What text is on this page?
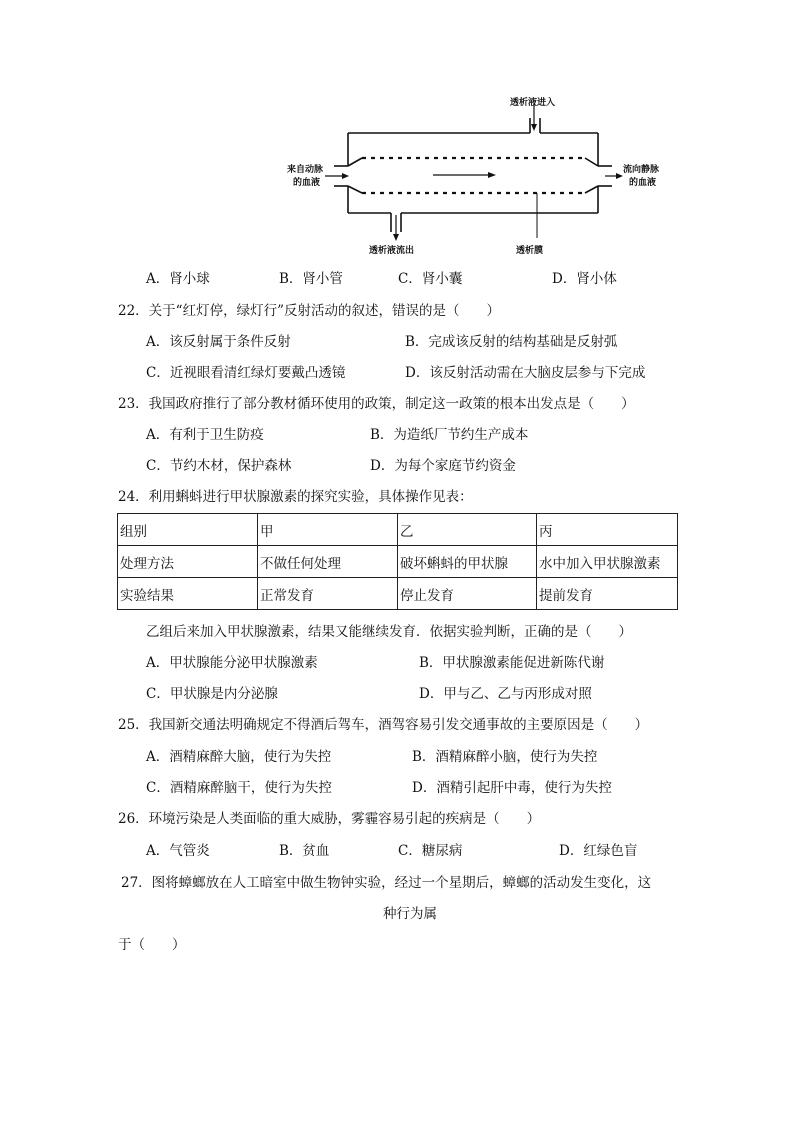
透析液进入
来自动脉
的血液
流向静脉
的血液
透析液流出	透析膜
A．肾小球	B．肾小管	C．肾小囊	D．肾小体
22．关于“红灯停，绿灯行”反射活动的叙述，错误的是（　　）
A．该反射属于条件反射	B．完成该反射的结构基础是反射弧
C．近视眼看清红绿灯要戴凸透镜	D．该反射活动需在大脑皮层参与下完成
23．我国政府推行了部分教材循环使用的政策，制定这一政策的根本出发点是（　　）
A．有利于卫生防疫	B．为造纸厂节约生产成本
C．节约木材，保护森林	D．为每个家庭节约资金
24．利用蝌蚪进行甲状腺激素的探究实验，具体操作见表：
组别	甲	乙	丙
处理方法	不做任何处理	破坏蝌蚪的甲状腺	水中加入甲状腺激素
实验结果	正常发育	停止发育	提前发育
乙组后来加入甲状腺激素，结果又能继续发育．依据实验判断，正确的是（　　）
A．甲状腺能分泌甲状腺激素	B．甲状腺激素能促进新陈代谢
C．甲状腺是内分泌腺	D．甲与乙、乙与丙形成对照
25．我国新交通法明确规定不得酒后驾车，酒驾容易引发交通事故的主要原因是（　　）
A．酒精麻醉大脑，使行为失控	B．酒精麻醉小脑，使行为失控
C．酒精麻醉脑干，使行为失控	D．酒精引起肝中毒，使行为失控
26．环境污染是人类面临的重大威胁，雾霾容易引起的疾病是（　　）
A．气管炎	B．贫血	C．糖尿病	D．红绿色盲
27．图将蟑螂放在人工暗室中做生物钟实验，经过一个星期后，蟑螂的活动发生变化，这
种行为属
于（　　）
